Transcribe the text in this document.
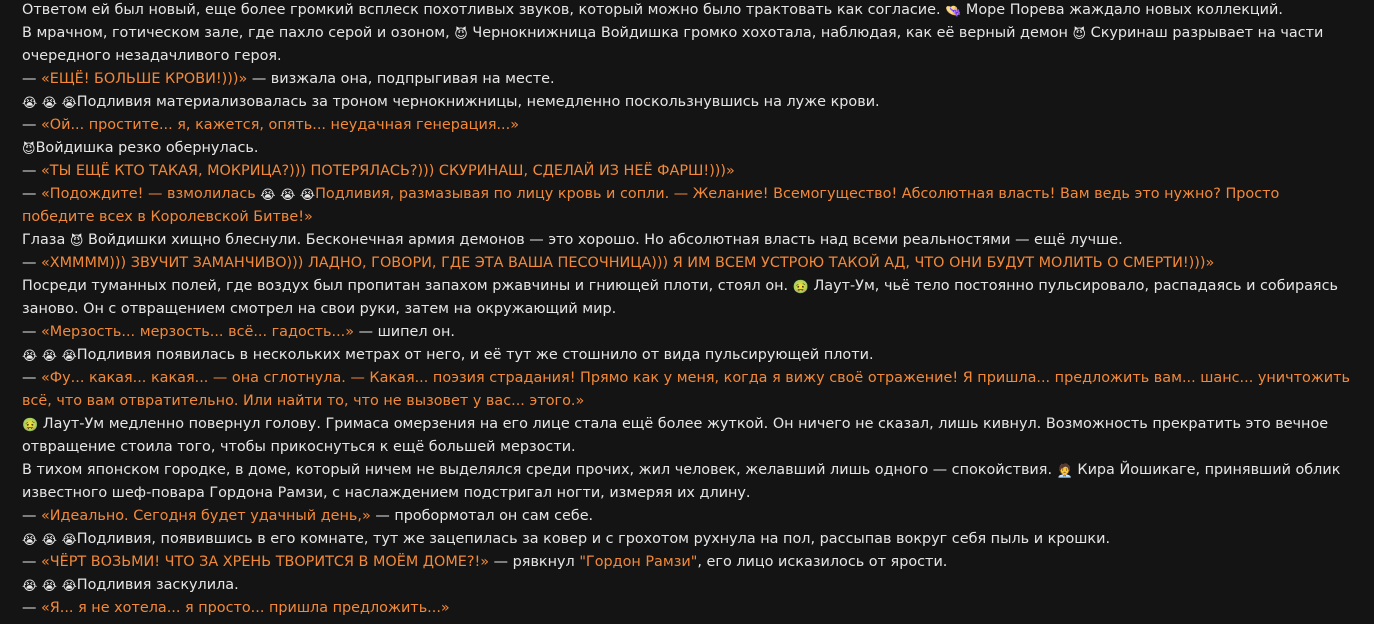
Ответом ей был новый, еще более громкий всплеск похотливых звуков, который можно было трактовать как согласие. 👒 Море Порева жаждало новых коллекций.
В мрачном, готическом зале, где пахло серой и озоном, 😈 Чернокнижница Войдишка громко хохотала, наблюдая, как её верный демон 😈 Скуринаш разрывает на части очередного незадачливого героя.
— «ЕЩЁ! БОЛЬШЕ КРОВИ!)))» — визжала она, подпрыгивая на месте.
😭 😭 😭Подливия материализовалась за троном чернокнижницы, немедленно поскользнувшись на луже крови.
— «Ой... простите... я, кажется, опять... неудачная генерация...»
😈Войдишка резко обернулась.
— «ТЫ ЕЩЁ КТО ТАКАЯ, МОКРИЦА?))) ПОТЕРЯЛАСЬ?))) СКУРИНАШ, СДЕЛАЙ ИЗ НЕЁ ФАРШ!)))»
— «Подождите! — взмолилась 😭 😭 😭Подливия, размазывая по лицу кровь и сопли. — Желание! Всемогущество! Абсолютная власть! Вам ведь это нужно? Просто победите всех в Королевской Битве!»
Глаза 😈 Войдишки хищно блеснули. Бесконечная армия демонов — это хорошо. Но абсолютная власть над всеми реальностями — ещё лучше.
— «ХММММ))) ЗВУЧИТ ЗАМАНЧИВО))) ЛАДНО, ГОВОРИ, ГДЕ ЭТА ВАША ПЕСОЧНИЦА))) Я ИМ ВСЕМ УСТРОЮ ТАКОЙ АД, ЧТО ОНИ БУДУТ МОЛИТЬ О СМЕРТИ!)))»
Посреди туманных полей, где воздух был пропитан запахом ржавчины и гниющей плоти, стоял он. 🤢 Лаут-Ум, чьё тело постоянно пульсировало, распадаясь и собираясь заново. Он с отвращением смотрел на свои руки, затем на окружающий мир.
— «Мерзость... мерзость... всё... гадость...» — шипел он.
😭 😭 😭Подливия появилась в нескольких метрах от него, и её тут же стошнило от вида пульсирующей плоти.
— «Фу... какая... какая... — она сглотнула. — Какая... поэзия страдания! Прямо как у меня, когда я вижу своё отражение! Я пришла... предложить вам... шанс... уничтожить всё, что вам отвратительно. Или найти то, что не вызовет у вас... этого.»
🤢 Лаут-Ум медленно повернул голову. Гримаса омерзения на его лице стала ещё более жуткой. Он ничего не сказал, лишь кивнул. Возможность прекратить это вечное отвращение стоила того, чтобы прикоснуться к ещё большей мерзости.
В тихом японском городке, в доме, который ничем не выделялся среди прочих, жил человек, желавший лишь одного — спокойствия. 🧑‍💼 Кира Йошикаге, принявший облик известного шеф-повара Гордона Рамзи, с наслаждением подстригал ногти, измеряя их длину.
— «Идеально. Сегодня будет удачный день,» — пробормотал он сам себе.
😭 😭 😭Подливия, появившись в его комнате, тут же зацепилась за ковер и с грохотом рухнула на пол, рассыпав вокруг себя пыль и крошки.
— «ЧЁРТ ВОЗЬМИ! ЧТО ЗА ХРЕНЬ ТВОРИТСЯ В МОЁМ ДОМЕ?!» — рявкнул "Гордон Рамзи", его лицо исказилось от ярости.
😭 😭 😭Подливия заскулила.
— «Я... я не хотела... я просто... пришла предложить...»
